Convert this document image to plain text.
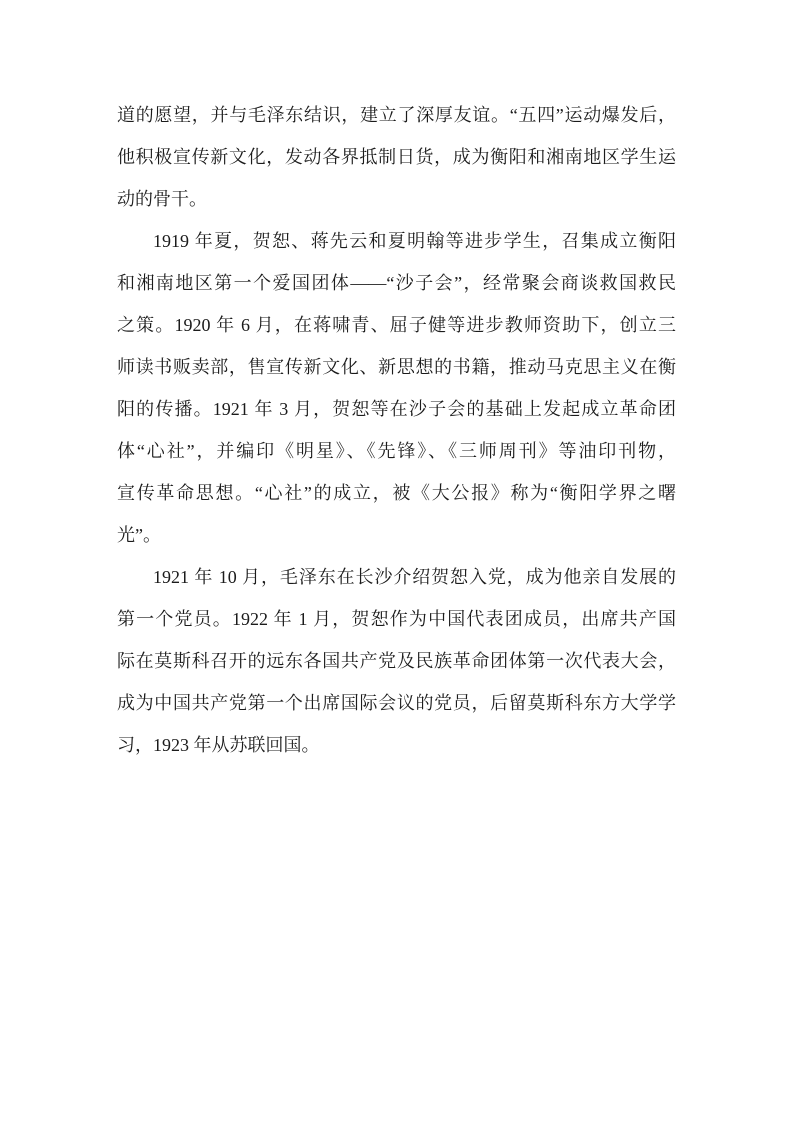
道的愿望，并与毛泽东结识，建立了深厚友谊。“五四”运动爆发后，
他积极宣传新文化，发动各界抵制日货，成为衡阳和湘南地区学生运
动的骨干。
1919 年夏，贺恕、蒋先云和夏明翰等进步学生，召集成立衡阳
和湘南地区第一个爱国团体——“沙子会”，经常聚会商谈救国救民
之策。1920 年 6 月，在蒋啸青、屈子健等进步教师资助下，创立三
师读书贩卖部，售宣传新文化、新思想的书籍，推动马克思主义在衡
阳的传播。1921 年 3 月，贺恕等在沙子会的基础上发起成立革命团
体“心社”，并编印《明星》、《先锋》、《三师周刊》等油印刊物，
宣传革命思想。“心社”的成立，被《大公报》称为“衡阳学界之曙
光”。
1921 年 10 月，毛泽东在长沙介绍贺恕入党，成为他亲自发展的
第一个党员。1922 年 1 月，贺恕作为中国代表团成员，出席共产国
际在莫斯科召开的远东各国共产党及民族革命团体第一次代表大会，
成为中国共产党第一个出席国际会议的党员，后留莫斯科东方大学学
习，1923 年从苏联回国。
